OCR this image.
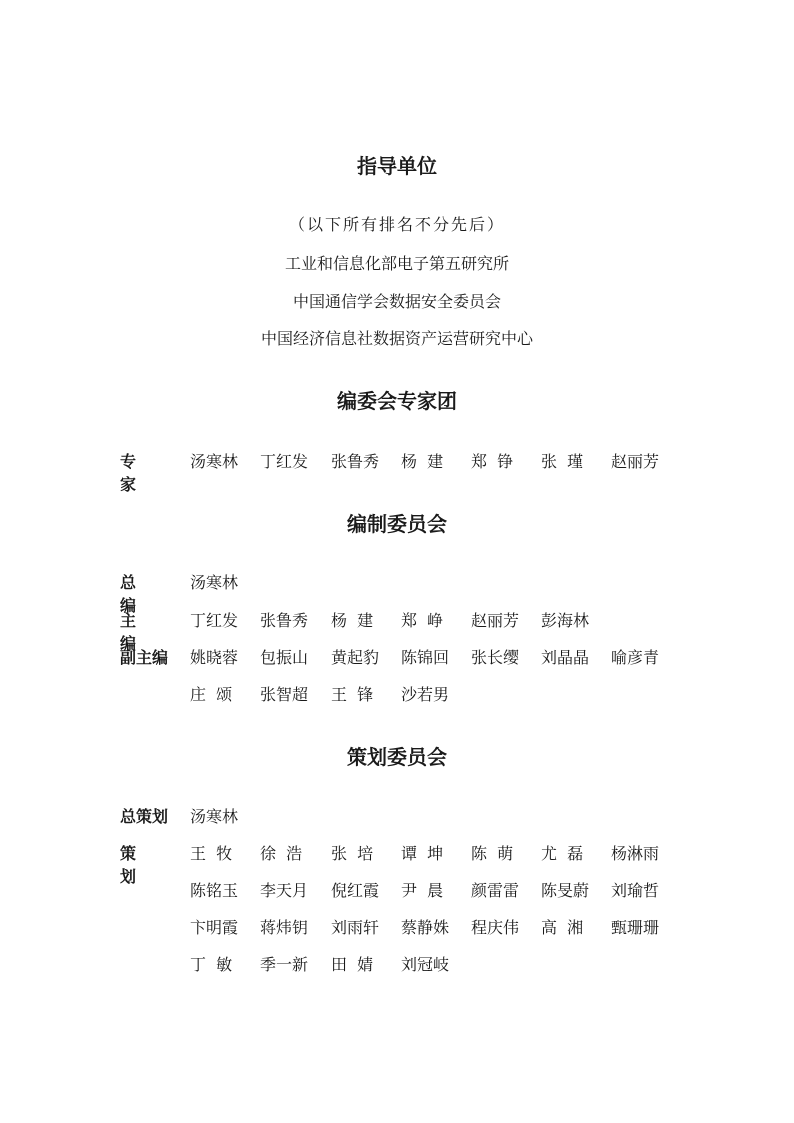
指导单位
（以下所有排名不分先后）
工业和信息化部电子第五研究所
中国通信学会数据安全委员会
中国经济信息社数据资产运营研究中心
编委会专家团
专家
汤寒林 丁红发 张鲁秀 杨  建 郑  铮 张  瑾 赵丽芳
编制委员会
总编
汤寒林
主编
丁红发 张鲁秀 杨  建 郑  峥 赵丽芳 彭海林
副主编	姚晓蓉 包振山 黄起豹 陈锦回 张长缨 刘晶晶 喻彦青
庄  颂 张智超 王  锋 沙若男
策划委员会
总策划	汤寒林
策划
王  牧 徐  浩 张  培 谭  坤 陈  萌 尤  磊 杨淋雨
陈铭玉 李天月 倪红霞 尹  晨 颜雷雷 陈旻蔚 刘瑜哲
卞明霞 蒋炜钥 刘雨轩 蔡静姝 程庆伟 高  湘 甄珊珊
丁  敏 季一新 田  婧 刘冠岐
